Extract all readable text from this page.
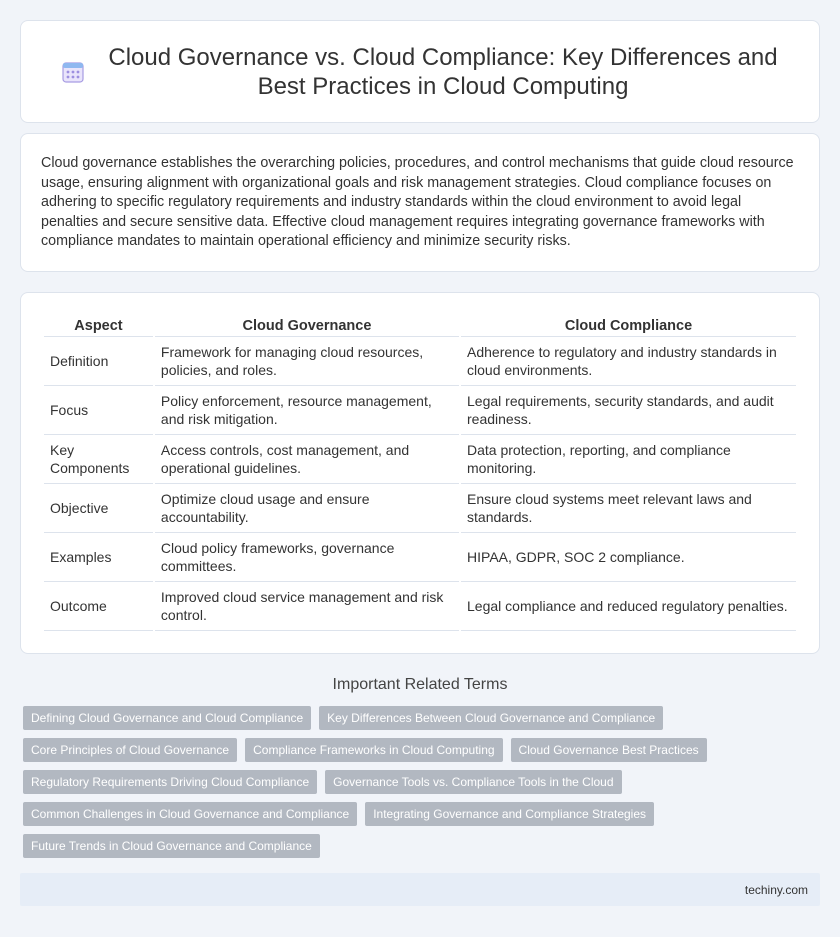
Cloud Governance vs. Cloud Compliance: Key Differences and Best Practices in Cloud Computing

Cloud governance establishes the overarching policies, procedures, and control mechanisms that guide cloud resource usage, ensuring alignment with organizational goals and risk management strategies. Cloud compliance focuses on adhering to specific regulatory requirements and industry standards within the cloud environment to avoid legal penalties and secure sensitive data. Effective cloud management requires integrating governance frameworks with compliance mandates to maintain operational efficiency and minimize security risks.

Aspect	Cloud Governance	Cloud Compliance
Definition	Framework for managing cloud resources, policies, and roles.	Adherence to regulatory and industry standards in cloud environments.
Focus	Policy enforcement, resource management, and risk mitigation.	Legal requirements, security standards, and audit readiness.
Key Components	Access controls, cost management, and operational guidelines.	Data protection, reporting, and compliance monitoring.
Objective	Optimize cloud usage and ensure accountability.	Ensure cloud systems meet relevant laws and standards.
Examples	Cloud policy frameworks, governance committees.	HIPAA, GDPR, SOC 2 compliance.
Outcome	Improved cloud service management and risk control.	Legal compliance and reduced regulatory penalties.
Important Related Terms
Defining Cloud Governance and Cloud Compliance	Key Differences Between Cloud Governance and Compliance
Core Principles of Cloud Governance	Compliance Frameworks in Cloud Computing	Cloud Governance Best Practices
Regulatory Requirements Driving Cloud Compliance	Governance Tools vs. Compliance Tools in the Cloud
Common Challenges in Cloud Governance and Compliance	Integrating Governance and Compliance Strategies
Future Trends in Cloud Governance and Compliance
techiny.com
